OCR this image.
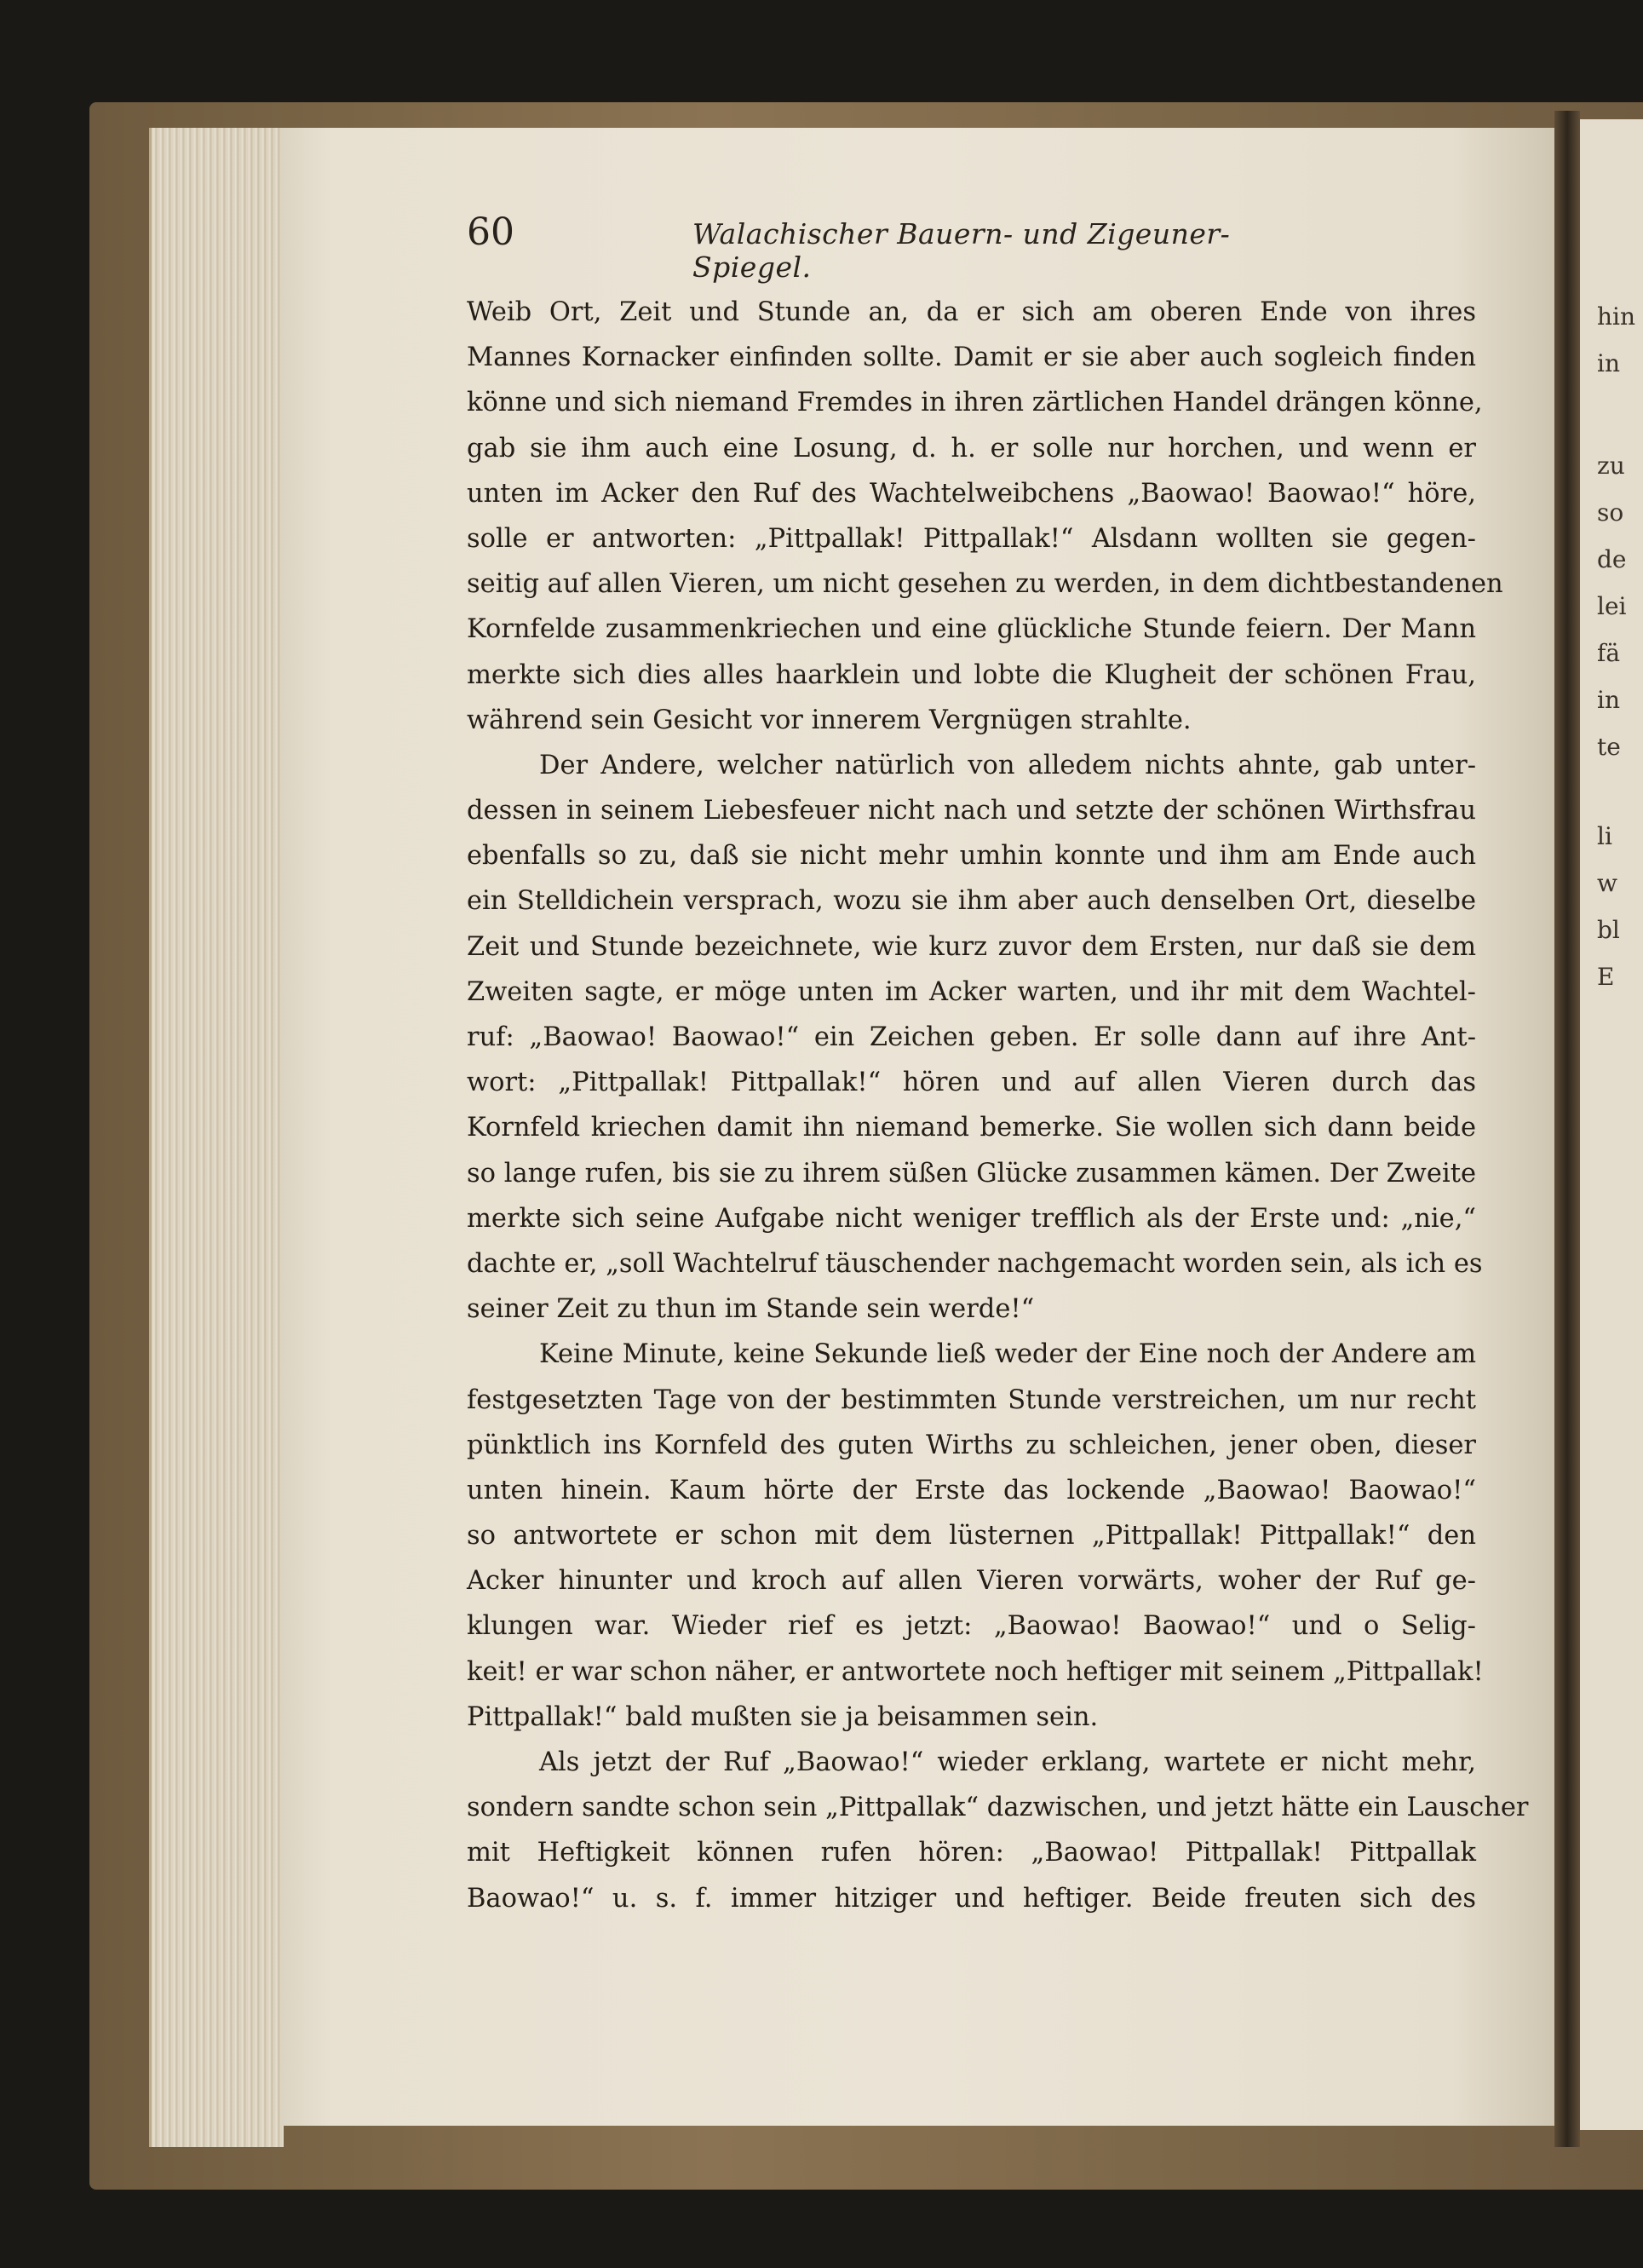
hin
in
zu
so
de
lei
fä
in
te
li
w
bl
E
60	Walachischer Bauern- und Zigeuner-Spiegel.
Weib Ort, Zeit und Stunde an, da er sich am oberen Ende von ihres
Mannes Kornacker einfinden sollte. Damit er sie aber auch sogleich finden
könne und sich niemand Fremdes in ihren zärtlichen Handel drängen könne,
gab sie ihm auch eine Losung, d. h. er solle nur horchen, und wenn er
unten im Acker den Ruf des Wachtelweibchens „Baowao! Baowao!“ höre,
solle er antworten: „Pittpallak! Pittpallak!“ Alsdann wollten sie gegen-
seitig auf allen Vieren, um nicht gesehen zu werden, in dem dichtbestandenen
Kornfelde zusammenkriechen und eine glückliche Stunde feiern. Der Mann
merkte sich dies alles haarklein und lobte die Klugheit der schönen Frau,
während sein Gesicht vor innerem Vergnügen strahlte.
Der Andere, welcher natürlich von alledem nichts ahnte, gab unter-
dessen in seinem Liebesfeuer nicht nach und setzte der schönen Wirthsfrau
ebenfalls so zu, daß sie nicht mehr umhin konnte und ihm am Ende auch
ein Stelldichein versprach, wozu sie ihm aber auch denselben Ort, dieselbe
Zeit und Stunde bezeichnete, wie kurz zuvor dem Ersten, nur daß sie dem
Zweiten sagte, er möge unten im Acker warten, und ihr mit dem Wachtel-
ruf: „Baowao! Baowao!“ ein Zeichen geben. Er solle dann auf ihre Ant-
wort: „Pittpallak! Pittpallak!“ hören und auf allen Vieren durch das
Kornfeld kriechen damit ihn niemand bemerke. Sie wollen sich dann beide
so lange rufen, bis sie zu ihrem süßen Glücke zusammen kämen. Der Zweite
merkte sich seine Aufgabe nicht weniger trefflich als der Erste und: „nie,“
dachte er, „soll Wachtelruf täuschender nachgemacht worden sein, als ich es
seiner Zeit zu thun im Stande sein werde!“
Keine Minute, keine Sekunde ließ weder der Eine noch der Andere am
festgesetzten Tage von der bestimmten Stunde verstreichen, um nur recht
pünktlich ins Kornfeld des guten Wirths zu schleichen, jener oben, dieser
unten hinein. Kaum hörte der Erste das lockende „Baowao! Baowao!“
so antwortete er schon mit dem lüsternen „Pittpallak! Pittpallak!“ den
Acker hinunter und kroch auf allen Vieren vorwärts, woher der Ruf ge-
klungen war. Wieder rief es jetzt: „Baowao! Baowao!“ und o Selig-
keit! er war schon näher, er antwortete noch heftiger mit seinem „Pittpallak!
Pittpallak!“ bald mußten sie ja beisammen sein.
Als jetzt der Ruf „Baowao!“ wieder erklang, wartete er nicht mehr,
sondern sandte schon sein „Pittpallak“ dazwischen, und jetzt hätte ein Lauscher
mit Heftigkeit können rufen hören: „Baowao! Pittpallak! Pittpallak
Baowao!“ u. s. f. immer hitziger und heftiger. Beide freuten sich des
